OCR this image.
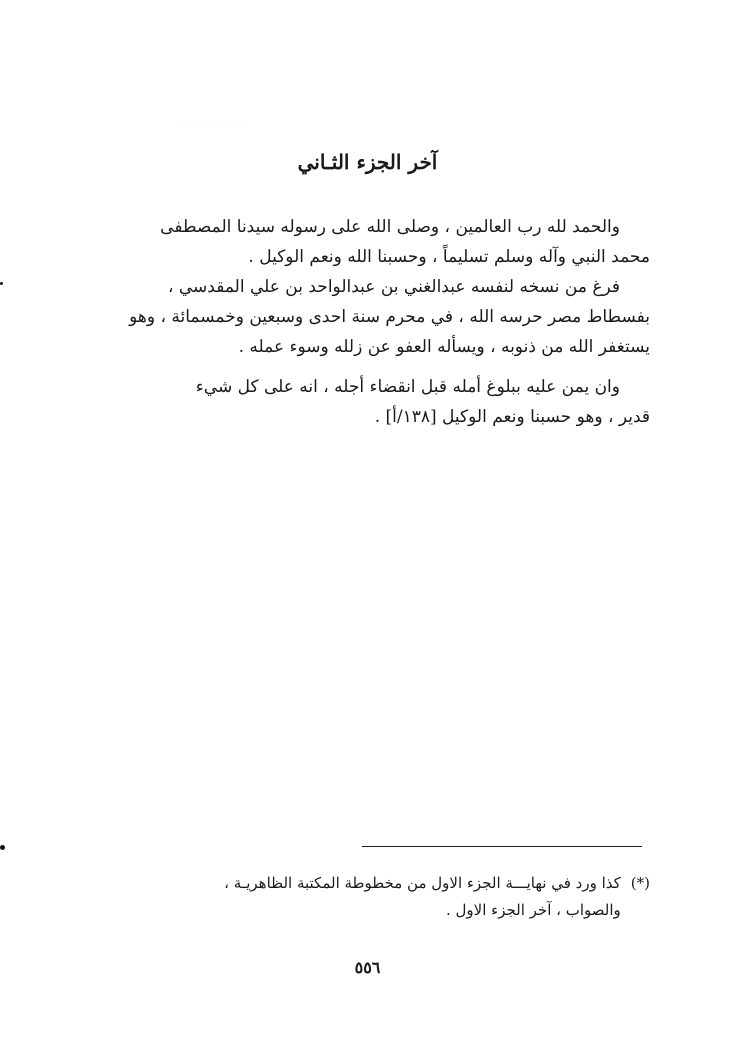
آخر الجزء الثـاني
والحمد لله رب العالمين ، وصلى الله على رسوله سيدنا المصطفى
محمد النبي وآله وسلم تسليماً ، وحسبنا الله ونعم الوكيل .
فرغ من نسخه لنفسه عبدالغني بن عبدالواحد بن علي المقدسي ،
بفسطاط مصر حرسه الله ، في محرم سنة احدى وسبعين وخمسمائة ، وهو
يستغفر الله من ذنوبه ، ويسأله العفو عن زلله وسوء عمله .
وان يمن عليه ببلوغ أمله قبل انقضاء أجله ، انه على كل شيء
قدير ، وهو حسبنا ونعم الوكيل [١٣٨/أ] .
(*)
كذا ورد في نهايـــة الجزء الاول من مخطوطة المكتبة الظاهريـة ،
والصواب ، آخر الجزء الاول .
٥٥٦
